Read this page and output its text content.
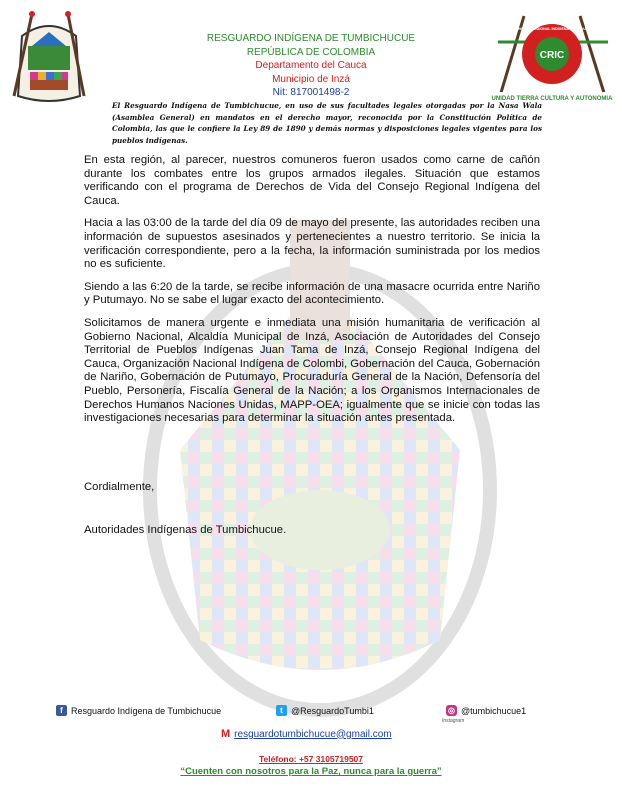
CRIC
CONSEJO REGIONAL INDÍGENA DEL CAUCA
UNIDAD TIERRA CULTURA Y AUTONOMIA
RESGUARDO INDÍGENA DE TUMBICHUCUE
REPÚBLICA DE COLOMBIA
Departamento del Cauca
Municipio de Inzá
Nit: 817001498-2
El Resguardo Indígena de Tumbichucue, en uso de sus facultades legales otorgadas por la Nasa Wala (Asamblea General) en mandatos en el derecho mayor, reconocida por la Constitución Política de Colombia, las que le confiere la Ley 89 de 1890 y demás normas y disposiciones legales vigentes para los pueblos indígenas.

En esta región, al parecer, nuestros comuneros fueron usados como carne de cañón durante los combates entre los grupos armados ilegales. Situación que estamos verificando con el programa de Derechos de Vida del Consejo Regional Indígena del Cauca.

Hacia a las 03:00 de la tarde del día 09 de mayo del presente, las autoridades reciben una información de supuestos asesinados y pertenecientes a nuestro territorio. Se inicia la verificación correspondiente, pero a la fecha, la información suministrada por los medios no es suficiente.

Siendo a las 6:20 de la tarde, se recibe información de una masacre ocurrida entre Nariño y Putumayo. No se sabe el lugar exacto del acontecimiento.

Solicitamos de manera urgente e inmediata una misión humanitaria de verificación al Gobierno Nacional, Alcaldía Municipal de Inzá, Asociación de Autoridades del Consejo Territorial de Pueblos Indígenas Juan Tama de Inzá, Consejo Regional Indígena del Cauca, Organización Nacional Indígena de Colombi, Gobernación del Cauca, Gobernación de Nariño, Gobernación de Putumayo, Procuraduría General de la Nación, Defensoría del Pueblo, Personería, Fiscalía General de la Nación; a los Organismos Internacionales de Derechos Humanos Naciones Unidas, MAPP-OEA; igualmente que se inicie con todas las investigaciones necesarias para determinar la situación antes presentada.

Cordialmente,
Autoridades Indígenas de Tumbichucue.
f Resguardo Indígena de Tumbichucue	t @ResguardoTumbi1	◎ @tumbichucue1
Instagram
M resguardotumbichucue@gmail.com
Teléfono: +57 3105719507
“Cuenten con nosotros para la Paz, nunca para la guerra”
